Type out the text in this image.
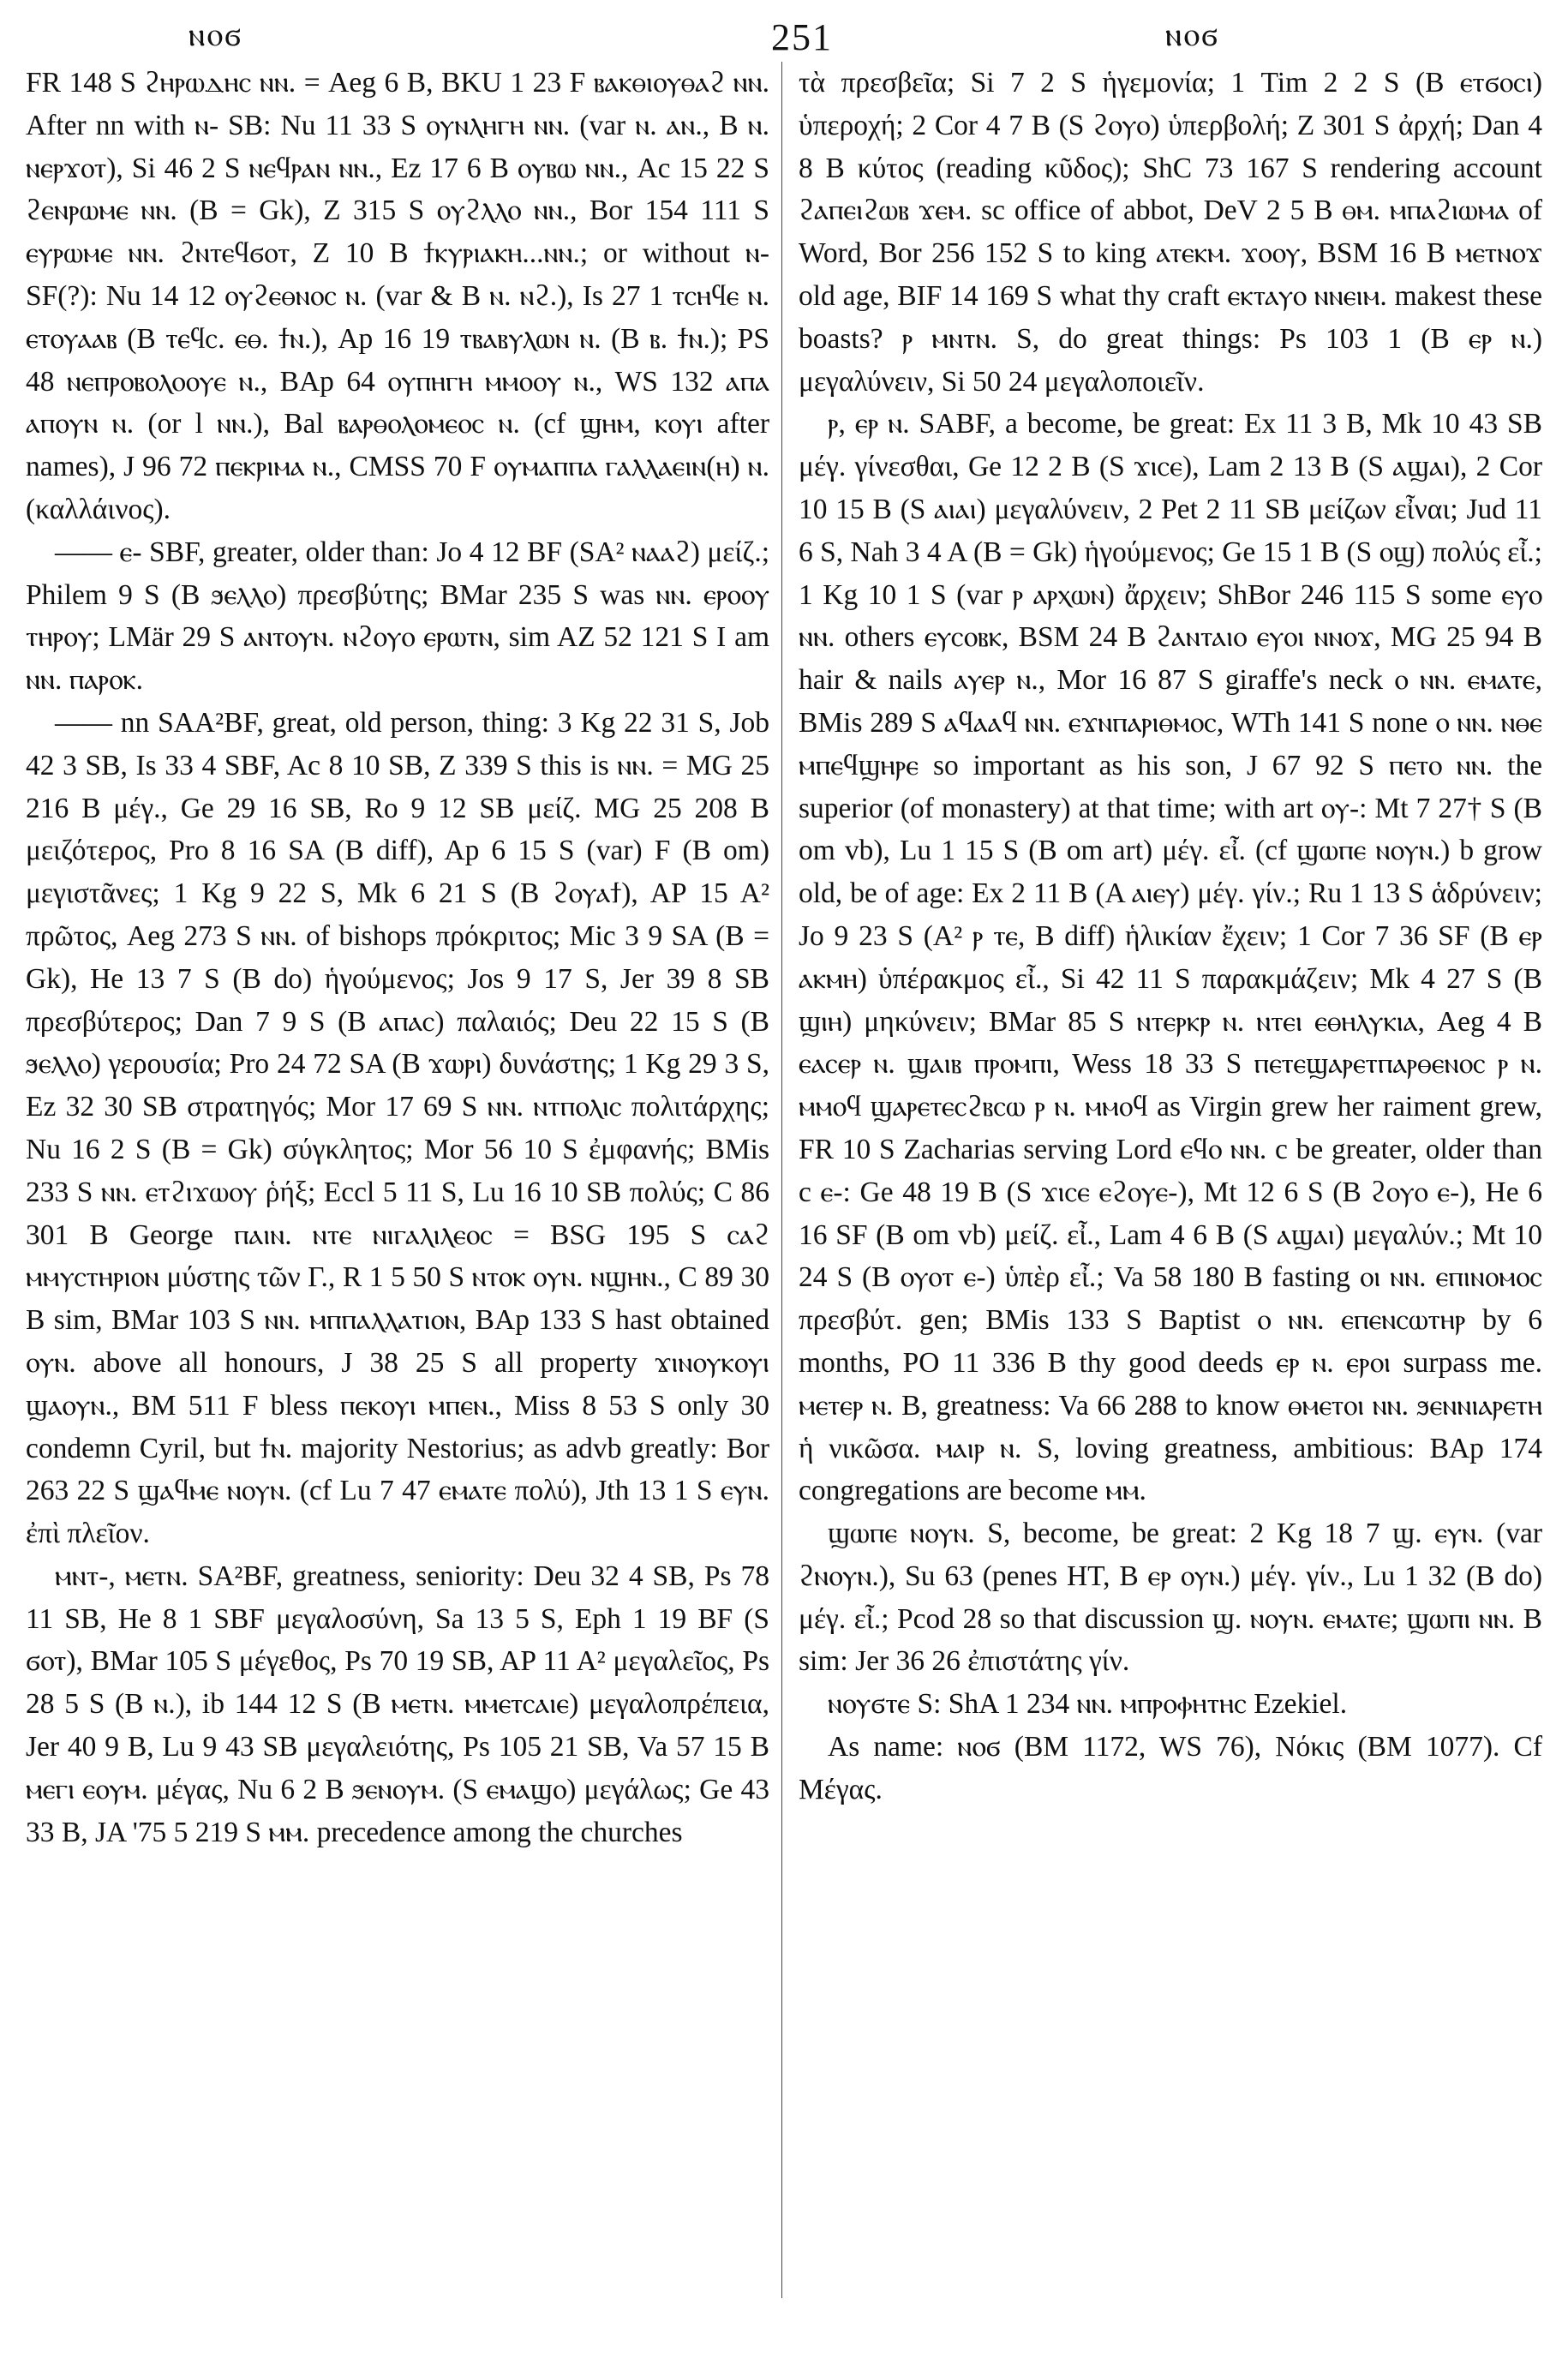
ⲛⲟϭ	251	ⲛⲟϭ

FR 148 S ϩⲏⲣⲱⲇⲏⲥ ⲛⲛ. = Aeg 6 B, BKU 1 23 F ⲃⲁⲕⲑⲓⲟⲩⲑⲁϩ ⲛⲛ. After nn with ⲛ- SB: Nu 11 33 S ⲟⲩⲛⲗⲏⲅⲏ ⲛⲛ. (var ⲛ. ⲁⲛ., B ⲛ. ⲛⲉⲣϫⲟⲧ), Si 46 2 S ⲛⲉϥⲣⲁⲛ ⲛⲛ., Ez 17 6 B ⲟⲩⲃⲱ ⲛⲛ., Ac 15 22 S ϩⲉⲛⲣⲱⲙⲉ ⲛⲛ. (B = Gk), Z 315 S ⲟⲩϩⲗⲗⲟ ⲛⲛ., Bor 154 111 S ⲉⲩⲣⲱⲙⲉ ⲛⲛ. ϩⲛⲧⲉϥϭⲟⲧ, Z 10 B ϯⲕⲩⲣⲓⲁⲕⲏ...ⲛⲛ.; or without ⲛ- SF(?): Nu 14 12 ⲟⲩϩⲉⲑⲛⲟⲥ ⲛ. (var & B ⲛ. ⲛϩ.), Is 27 1 ⲧⲥⲏϥⲉ ⲛ. ⲉⲧⲟⲩⲁⲁⲃ (B ⲧⲉϥⲥ. ⲉⲑ. ϯⲛ.), Ap 16 19 ⲧⲃⲁⲃⲩⲗⲱⲛ ⲛ. (B ⲃ. ϯⲛ.); PS 48 ⲛⲉⲡⲣⲟⲃⲟⲗⲟⲟⲩⲉ ⲛ., BAp 64 ⲟⲩⲡⲏⲅⲏ ⲙⲙⲟⲟⲩ ⲛ., WS 132 ⲁⲡⲁ ⲁⲡⲟⲩⲛ ⲛ. (or l ⲛⲛ.), Bal ⲃⲁⲣⲑⲟⲗⲟⲙⲉⲟⲥ ⲛ. (cf ϣⲏⲙ, ⲕⲟⲩⲓ after names), J 96 72 ⲡⲉⲕⲣⲓⲙⲁ ⲛ., CMSS 70 F ⲟⲩⲙⲁⲡⲡⲁ ⲅⲁⲗⲗⲁⲉⲓⲛ(ⲏ) ⲛ. (καλλάινος).

—— ⲉ- SBF, greater, older than: Jo 4 12 BF (SA² ⲛⲁⲁϩ) μείζ.; Philem 9 S (B ϧⲉⲗⲗⲟ) πρεσβύτης; BMar 235 S was ⲛⲛ. ⲉⲣⲟⲟⲩ ⲧⲏⲣⲟⲩ; LMär 29 S ⲁⲛⲧⲟⲩⲛ. ⲛϩⲟⲩⲟ ⲉⲣⲱⲧⲛ, sim AZ 52 121 S I am ⲛⲛ. ⲡⲁⲣⲟⲕ.

—— nn SAA²BF, great, old person, thing: 3 Kg 22 31 S, Job 42 3 SB, Is 33 4 SBF, Ac 8 10 SB, Z 339 S this is ⲛⲛ. = MG 25 216 B μέγ., Ge 29 16 SB, Ro 9 12 SB μείζ. MG 25 208 B μειζότερος, Pro 8 16 SA (B diff), Ap 6 15 S (var) F (B om) μεγιστᾶνες; 1 Kg 9 22 S, Mk 6 21 S (B ϩⲟⲩⲁϯ), AP 15 A² πρῶτος, Aeg 273 S ⲛⲛ. of bishops πρόκριτος; Mic 3 9 SA (B = Gk), He 13 7 S (B do) ἡγούμενος; Jos 9 17 S, Jer 39 8 SB πρεσβύτερος; Dan 7 9 S (B ⲁⲡⲁⲥ) παλαιός; Deu 22 15 S (B ϧⲉⲗⲗⲟ) γερουσία; Pro 24 72 SA (B ϫⲱⲣⲓ) δυνάστης; 1 Kg 29 3 S, Ez 32 30 SB στρατηγός; Mor 17 69 S ⲛⲛ. ⲛⲧⲡⲟⲗⲓⲥ πολιτάρχης; Nu 16 2 S (B = Gk) σύγκλητος; Mor 56 10 S ἐμφανής; BMis 233 S ⲛⲛ. ⲉⲧϩⲓϫⲱⲟⲩ ῥήξ; Eccl 5 11 S, Lu 16 10 SB πολύς; C 86 301 B George ⲡⲁⲓⲛ. ⲛⲧⲉ ⲛⲓⲅⲁⲗⲓⲗⲉⲟⲥ = BSG 195 S ⲥⲁϩ ⲙⲙⲩⲥⲧⲏⲣⲓⲟⲛ μύστης τῶν Γ., R 1 5 50 S ⲛⲧⲟⲕ ⲟⲩⲛ. ⲛϣⲏⲛ., C 89 30 B sim, BMar 103 S ⲛⲛ. ⲙⲡⲡⲁⲗⲗⲁⲧⲓⲟⲛ, BAp 133 S hast obtained ⲟⲩⲛ. above all honours, J 38 25 S all property ϫⲓⲛⲟⲩⲕⲟⲩⲓ ϣⲁⲟⲩⲛ., BM 511 F bless ⲡⲉⲕⲟⲩⲓ ⲙⲡⲉⲛ., Miss 8 53 S only 30 condemn Cyril, but ϯⲛ. majority Nestorius; as advb greatly: Bor 263 22 S ϣⲁϥⲙⲉ ⲛⲟⲩⲛ. (cf Lu 7 47 ⲉⲙⲁⲧⲉ πολύ), Jth 13 1 S ⲉⲩⲛ. ἐπὶ πλεῖον.

ⲙⲛⲧ-, ⲙⲉⲧⲛ. SA²BF, greatness, seniority: Deu 32 4 SB, Ps 78 11 SB, He 8 1 SBF μεγαλοσύνη, Sa 13 5 S, Eph 1 19 BF (S ϭⲟⲧ), BMar 105 S μέγεθος, Ps 70 19 SB, AP 11 A² μεγαλεῖος, Ps 28 5 S (B ⲛ.), ib 144 12 S (B ⲙⲉⲧⲛ. ⲙⲙⲉⲧⲥⲁⲓⲉ) μεγαλοπρέπεια, Jer 40 9 B, Lu 9 43 SB μεγαλειότης, Ps 105 21 SB, Va 57 15 B ⲙⲉⲅⲓ ⲉⲟⲩⲙ. μέγας, Nu 6 2 B ϧⲉⲛⲟⲩⲙ. (S ⲉⲙⲁϣⲟ) μεγάλως; Ge 43 33 B, JA '75 5 219 S ⲙⲙ. precedence among the churches

τὰ πρεσβεῖα; Si 7 2 S ἡγεμονία; 1 Tim 2 2 S (B ⲉⲧϭⲟⲥⲓ) ὑπεροχή; 2 Cor 4 7 B (S ϩⲟⲩⲟ) ὑπερβολή; Z 301 S ἀρχή; Dan 4 8 B κύτος (reading κῦδος); ShC 73 167 S rendering account ϩⲁⲡⲉⲓϩⲱⲃ ϫⲉⲙ. sc office of abbot, DeV 2 5 B ⲑⲙ. ⲙⲡⲁϩⲓⲱⲙⲁ of Word, Bor 256 152 S to king ⲁⲧⲉⲕⲙ. ϫⲟⲟⲩ, BSM 16 B ⲙⲉⲧⲛⲟϫ old age, BIF 14 169 S what thy craft ⲉⲕⲧⲁⲩⲟ ⲛⲛⲉⲓⲙ. makest these boasts? ⲣ ⲙⲛⲧⲛ. S, do great things: Ps 103 1 (B ⲉⲣ ⲛ.) μεγαλύνειν, Si 50 24 μεγαλοποιεῖν.

ⲣ, ⲉⲣ ⲛ. SABF, a become, be great: Ex 11 3 B, Mk 10 43 SB μέγ. γίνεσθαι, Ge 12 2 B (S ϫⲓⲥⲉ), Lam 2 13 B (S ⲁϣⲁⲓ), 2 Cor 10 15 B (S ⲁⲓⲁⲓ) μεγαλύνειν, 2 Pet 2 11 SB μείζων εἶναι; Jud 11 6 S, Nah 3 4 A (B = Gk) ἡγούμενος; Ge 15 1 B (S ⲟϣ) πολύς εἶ.; 1 Kg 10 1 S (var ⲣ ⲁⲣⲭⲱⲛ) ἄρχειν; ShBor 246 115 S some ⲉⲩⲟ ⲛⲛ. others ⲉⲩⲥⲟⲃⲕ, BSM 24 B ϩⲁⲛⲧⲁⲓⲟ ⲉⲩⲟⲓ ⲛⲛⲟϫ, MG 25 94 B hair & nails ⲁⲩⲉⲣ ⲛ., Mor 16 87 S giraffe's neck ⲟ ⲛⲛ. ⲉⲙⲁⲧⲉ, BMis 289 S ⲁϥⲁⲁϥ ⲛⲛ. ⲉϫⲛⲡⲁⲣⲓⲑⲙⲟⲥ, WTh 141 S none ⲟ ⲛⲛ. ⲛⲑⲉ ⲙⲡⲉϥϣⲏⲣⲉ so important as his son, J 67 92 S ⲡⲉⲧⲟ ⲛⲛ. the superior (of monastery) at that time; with art ⲟⲩ-: Mt 7 27† S (B om vb), Lu 1 15 S (B om art) μέγ. εἶ. (cf ϣⲱⲡⲉ ⲛⲟⲩⲛ.) b grow old, be of age: Ex 2 11 B (A ⲁⲓⲉⲩ) μέγ. γίν.; Ru 1 13 S ἁδρύνειν; Jo 9 23 S (A² ⲣ ⲧⲉ, B diff) ἡλικίαν ἔχειν; 1 Cor 7 36 SF (B ⲉⲣ ⲁⲕⲙⲏ) ὑπέρακμος εἶ., Si 42 11 S παρακμάζειν; Mk 4 27 S (B ϣⲓⲏ) μηκύνειν; BMar 85 S ⲛⲧⲉⲣⲕⲣ ⲛ. ⲛⲧⲉⲓ ⲉⲑⲏⲗⲩⲕⲓⲁ, Aeg 4 B ⲉⲁⲥⲉⲣ ⲛ. ϣⲁⲓⲃ ⲡⲣⲟⲙⲡⲓ, Wess 18 33 S ⲡⲉⲧⲉϣⲁⲣⲉⲧⲡⲁⲣⲑⲉⲛⲟⲥ ⲣ ⲛ. ⲙⲙⲟϥ ϣⲁⲣⲉⲧⲉⲥϩⲃⲥⲱ ⲣ ⲛ. ⲙⲙⲟϥ as Virgin grew her raiment grew, FR 10 S Zacharias serving Lord ⲉϥⲟ ⲛⲛ. c be greater, older than c ⲉ-: Ge 48 19 B (S ϫⲓⲥⲉ ⲉϩⲟⲩⲉ-), Mt 12 6 S (B ϩⲟⲩⲟ ⲉ-), He 6 16 SF (B om vb) μείζ. εἶ., Lam 4 6 B (S ⲁϣⲁⲓ) μεγαλύν.; Mt 10 24 S (B ⲟⲩⲟⲧ ⲉ-) ὑπὲρ εἶ.; Va 58 180 B fasting ⲟⲓ ⲛⲛ. ⲉⲡⲓⲛⲟⲙⲟⲥ πρεσβύτ. gen; BMis 133 S Baptist ⲟ ⲛⲛ. ⲉⲡⲉⲛⲥⲱⲧⲏⲣ by 6 months, PO 11 336 B thy good deeds ⲉⲣ ⲛ. ⲉⲣⲟⲓ surpass me. ⲙⲉⲧⲉⲣ ⲛ. B, greatness: Va 66 288 to know ⲑⲙⲉⲧⲟⲓ ⲛⲛ. ϧⲉⲛⲛⲓⲁⲣⲉⲧⲏ ἡ νικῶσα. ⲙⲁⲓⲣ ⲛ. S, loving greatness, ambitious: BAp 174 congregations are become ⲙⲙ.

ϣⲱⲡⲉ ⲛⲟⲩⲛ. S, become, be great: 2 Kg 18 7 ϣ. ⲉⲩⲛ. (var ϩⲛⲟⲩⲛ.), Su 63 (penes HT, B ⲉⲣ ⲟⲩⲛ.) μέγ. γίν., Lu 1 32 (B do) μέγ. εἶ.; Pcod 28 so that discussion ϣ. ⲛⲟⲩⲛ. ⲉⲙⲁⲧⲉ; ϣⲱⲡⲓ ⲛⲛ. B sim: Jer 36 26 ἐπιστάτης γίν.

ⲛⲟⲩϭⲧⲉ S: ShA 1 234 ⲛⲛ. ⲙⲡⲣⲟⲫⲏⲧⲏⲥ Ezekiel.

As name: ⲛⲟϭ (BM 1172, WS 76), Νόκις (BM 1077). Cf Μέγας.
